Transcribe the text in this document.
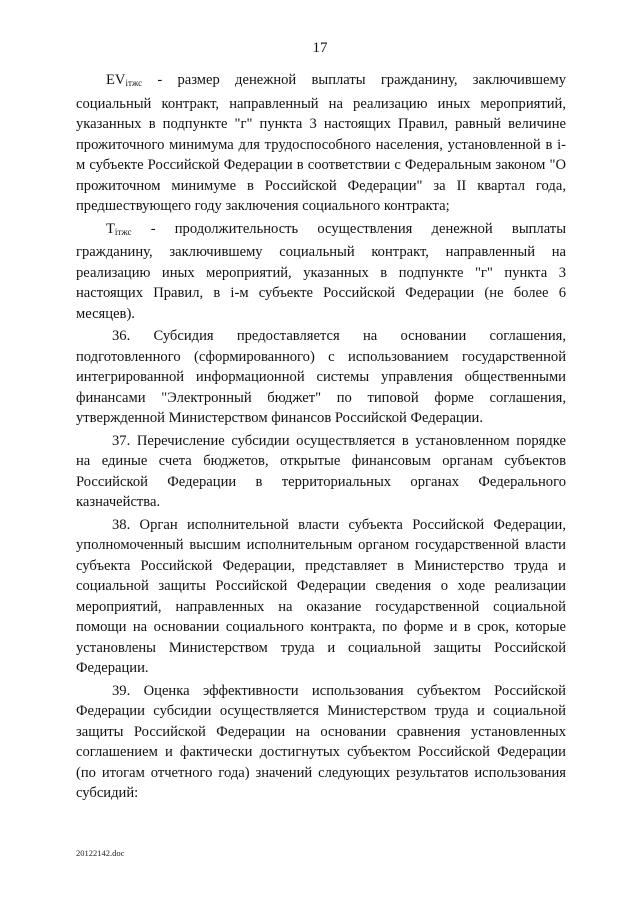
17

$EV_{iтжс}$ - размер денежной выплаты гражданину, заключившему социальный контракт, направленный на реализацию иных мероприятий, указанных в подпункте "г" пункта 3 настоящих Правил, равный величине прожиточного минимума для трудоспособного населения, установленной в i-м субъекте Российской Федерации в соответствии с Федеральным законом "О прожиточном минимуме в Российской Федерации" за II квартал года, предшествующего году заключения социального контракта;

$T_{iтжс}$ - продолжительность осуществления денежной выплаты гражданину, заключившему социальный контракт, направленный на реализацию иных мероприятий, указанных в подпункте "г" пункта 3 настоящих Правил, в i-м субъекте Российской Федерации (не более 6 месяцев).

36. Субсидия предоставляется на основании соглашения, подготовленного (сформированного) с использованием государственной интегрированной информационной системы управления общественными финансами "Электронный бюджет" по типовой форме соглашения, утвержденной Министерством финансов Российской Федерации.

37. Перечисление субсидии осуществляется в установленном порядке на единые счета бюджетов, открытые финансовым органам субъектов Российской Федерации в территориальных органах Федерального казначейства.

38. Орган исполнительной власти субъекта Российской Федерации, уполномоченный высшим исполнительным органом государственной власти субъекта Российской Федерации, представляет в Министерство труда и социальной защиты Российской Федерации сведения о ходе реализации мероприятий, направленных на оказание государственной социальной помощи на основании социального контракта, по форме и в срок, которые установлены Министерством труда и социальной защиты Российской Федерации.

39. Оценка эффективности использования субъектом Российской Федерации субсидии осуществляется Министерством труда и социальной защиты Российской Федерации на основании сравнения установленных соглашением и фактически достигнутых субъектом Российской Федерации (по итогам отчетного года) значений следующих результатов использования субсидий:

20122142.doc
